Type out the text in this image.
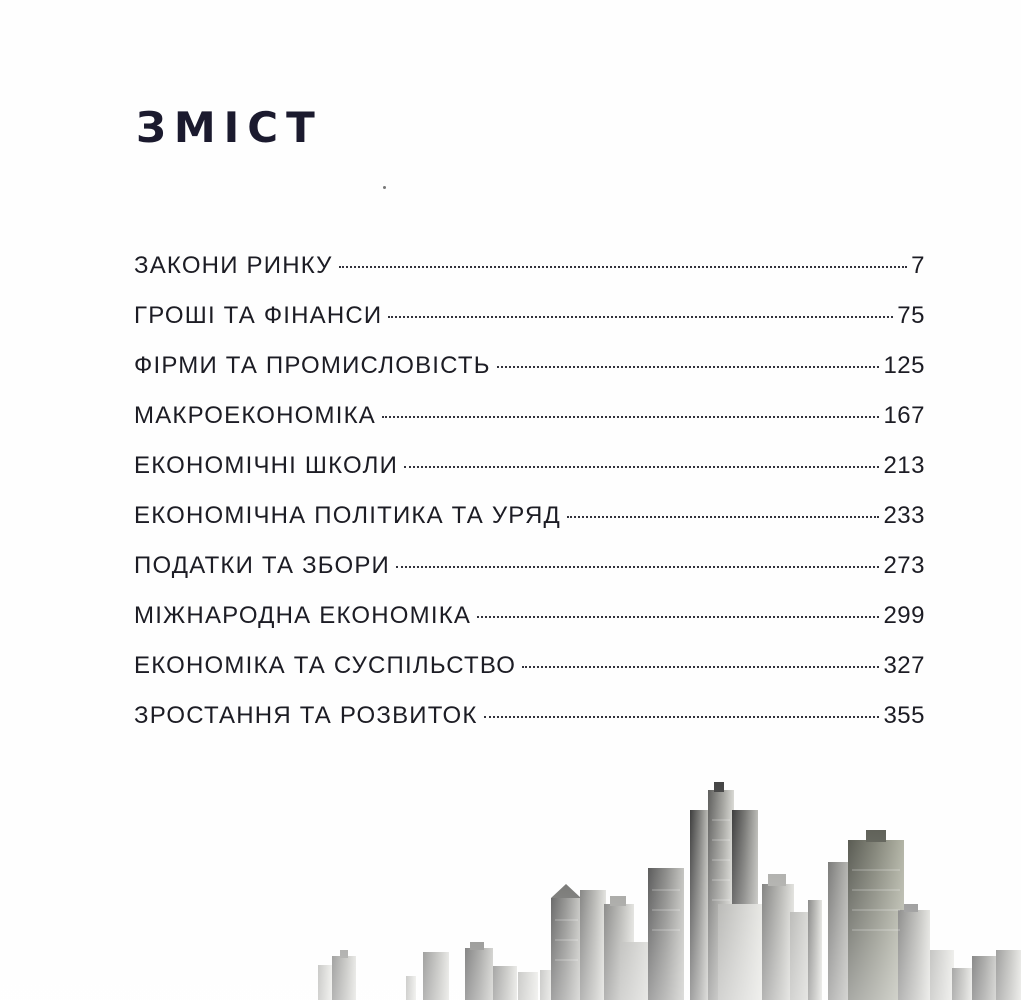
ЗМІСТ
ЗАКОНИ РИНКУ	7
ГРОШІ ТА ФІНАНСИ	75
ФІРМИ ТА ПРОМИСЛОВІСТЬ	125
МАКРОЕКОНОМІКА	167
ЕКОНОМІЧНІ ШКОЛИ	213
ЕКОНОМІЧНА ПОЛІТИКА ТА УРЯД	233
ПОДАТКИ ТА ЗБОРИ	273
МІЖНАРОДНА ЕКОНОМІКА	299
ЕКОНОМІКА ТА СУСПІЛЬСТВО	327
ЗРОСТАННЯ ТА РОЗВИТОК	355
